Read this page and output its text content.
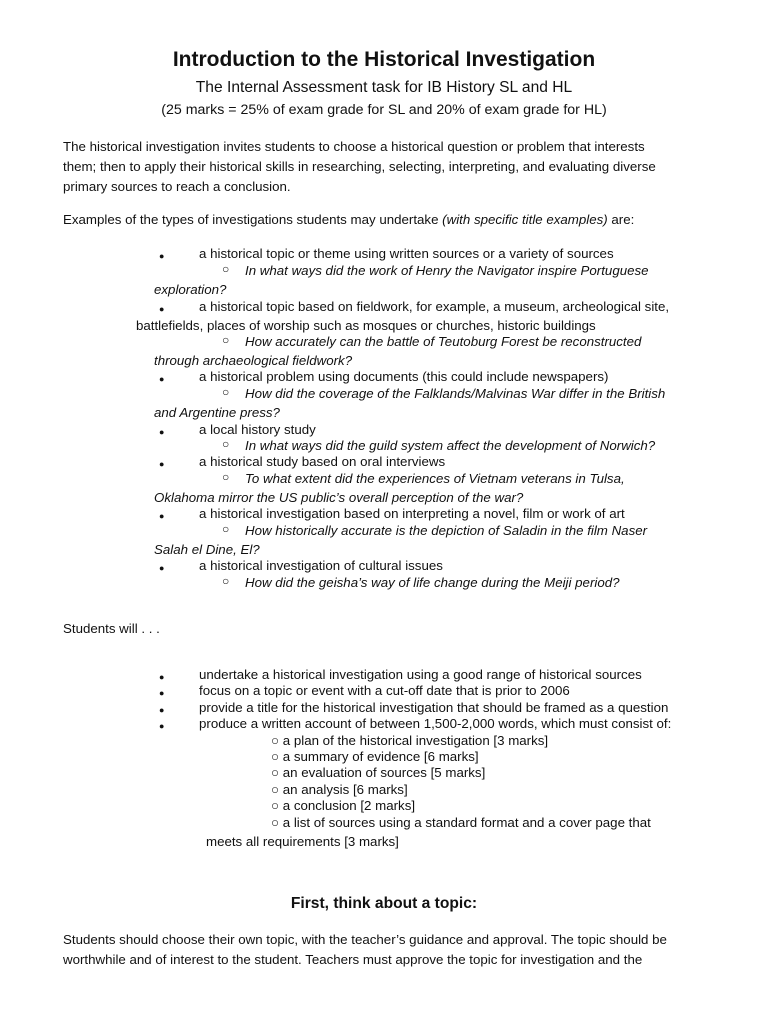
Introduction to the Historical Investigation
The Internal Assessment task for IB History SL and HL
(25 marks = 25% of exam grade for SL and 20% of exam grade for HL)
The historical investigation invites students to choose a historical question or problem that interests
them; then to apply their historical skills in researching, selecting, interpreting, and evaluating diverse
primary sources to reach a conclusion.
Examples of the types of investigations students may undertake (with specific title examples) are:
●	a historical topic or theme using written sources or a variety of sources
○ In what ways did the work of Henry the Navigator inspire Portuguese
exploration?
●	a historical topic based on fieldwork, for example, a museum, archeological site,
battlefields, places of worship such as mosques or churches, historic buildings
○ How accurately can the battle of Teutoburg Forest be reconstructed
through archaeological fieldwork?
●	a historical problem using documents (this could include newspapers)
○ How did the coverage of the Falklands/Malvinas War differ in the British
and Argentine press?
●	a local history study
○ In what ways did the guild system affect the development of Norwich?
●	a historical study based on oral interviews
○ To what extent did the experiences of Vietnam veterans in Tulsa,
Oklahoma mirror the US public’s overall perception of the war?
●	a historical investigation based on interpreting a novel, film or work of art
○ How historically accurate is the depiction of Saladin in the film Naser
Salah el Dine, El?
●	a historical investigation of cultural issues
○ How did the geisha’s way of life change during the Meiji period?
Students will . . .
●	undertake a historical investigation using a good range of historical sources
●	focus on a topic or event with a cut-off date that is prior to 2006
●	provide a title for the historical investigation that should be framed as a question
●	produce a written account of between 1,500-2,000 words, which must consist of:
○ a plan of the historical investigation [3 marks]
○ a summary of evidence [6 marks]
○ an evaluation of sources [5 marks]
○ an analysis [6 marks]
○ a conclusion [2 marks]
○ a list of sources using a standard format and a cover page that
meets all requirements [3 marks]
First, think about a topic:
Students should choose their own topic, with the teacher’s guidance and approval. The topic should be
worthwhile and of interest to the student. Teachers must approve the topic for investigation and the
